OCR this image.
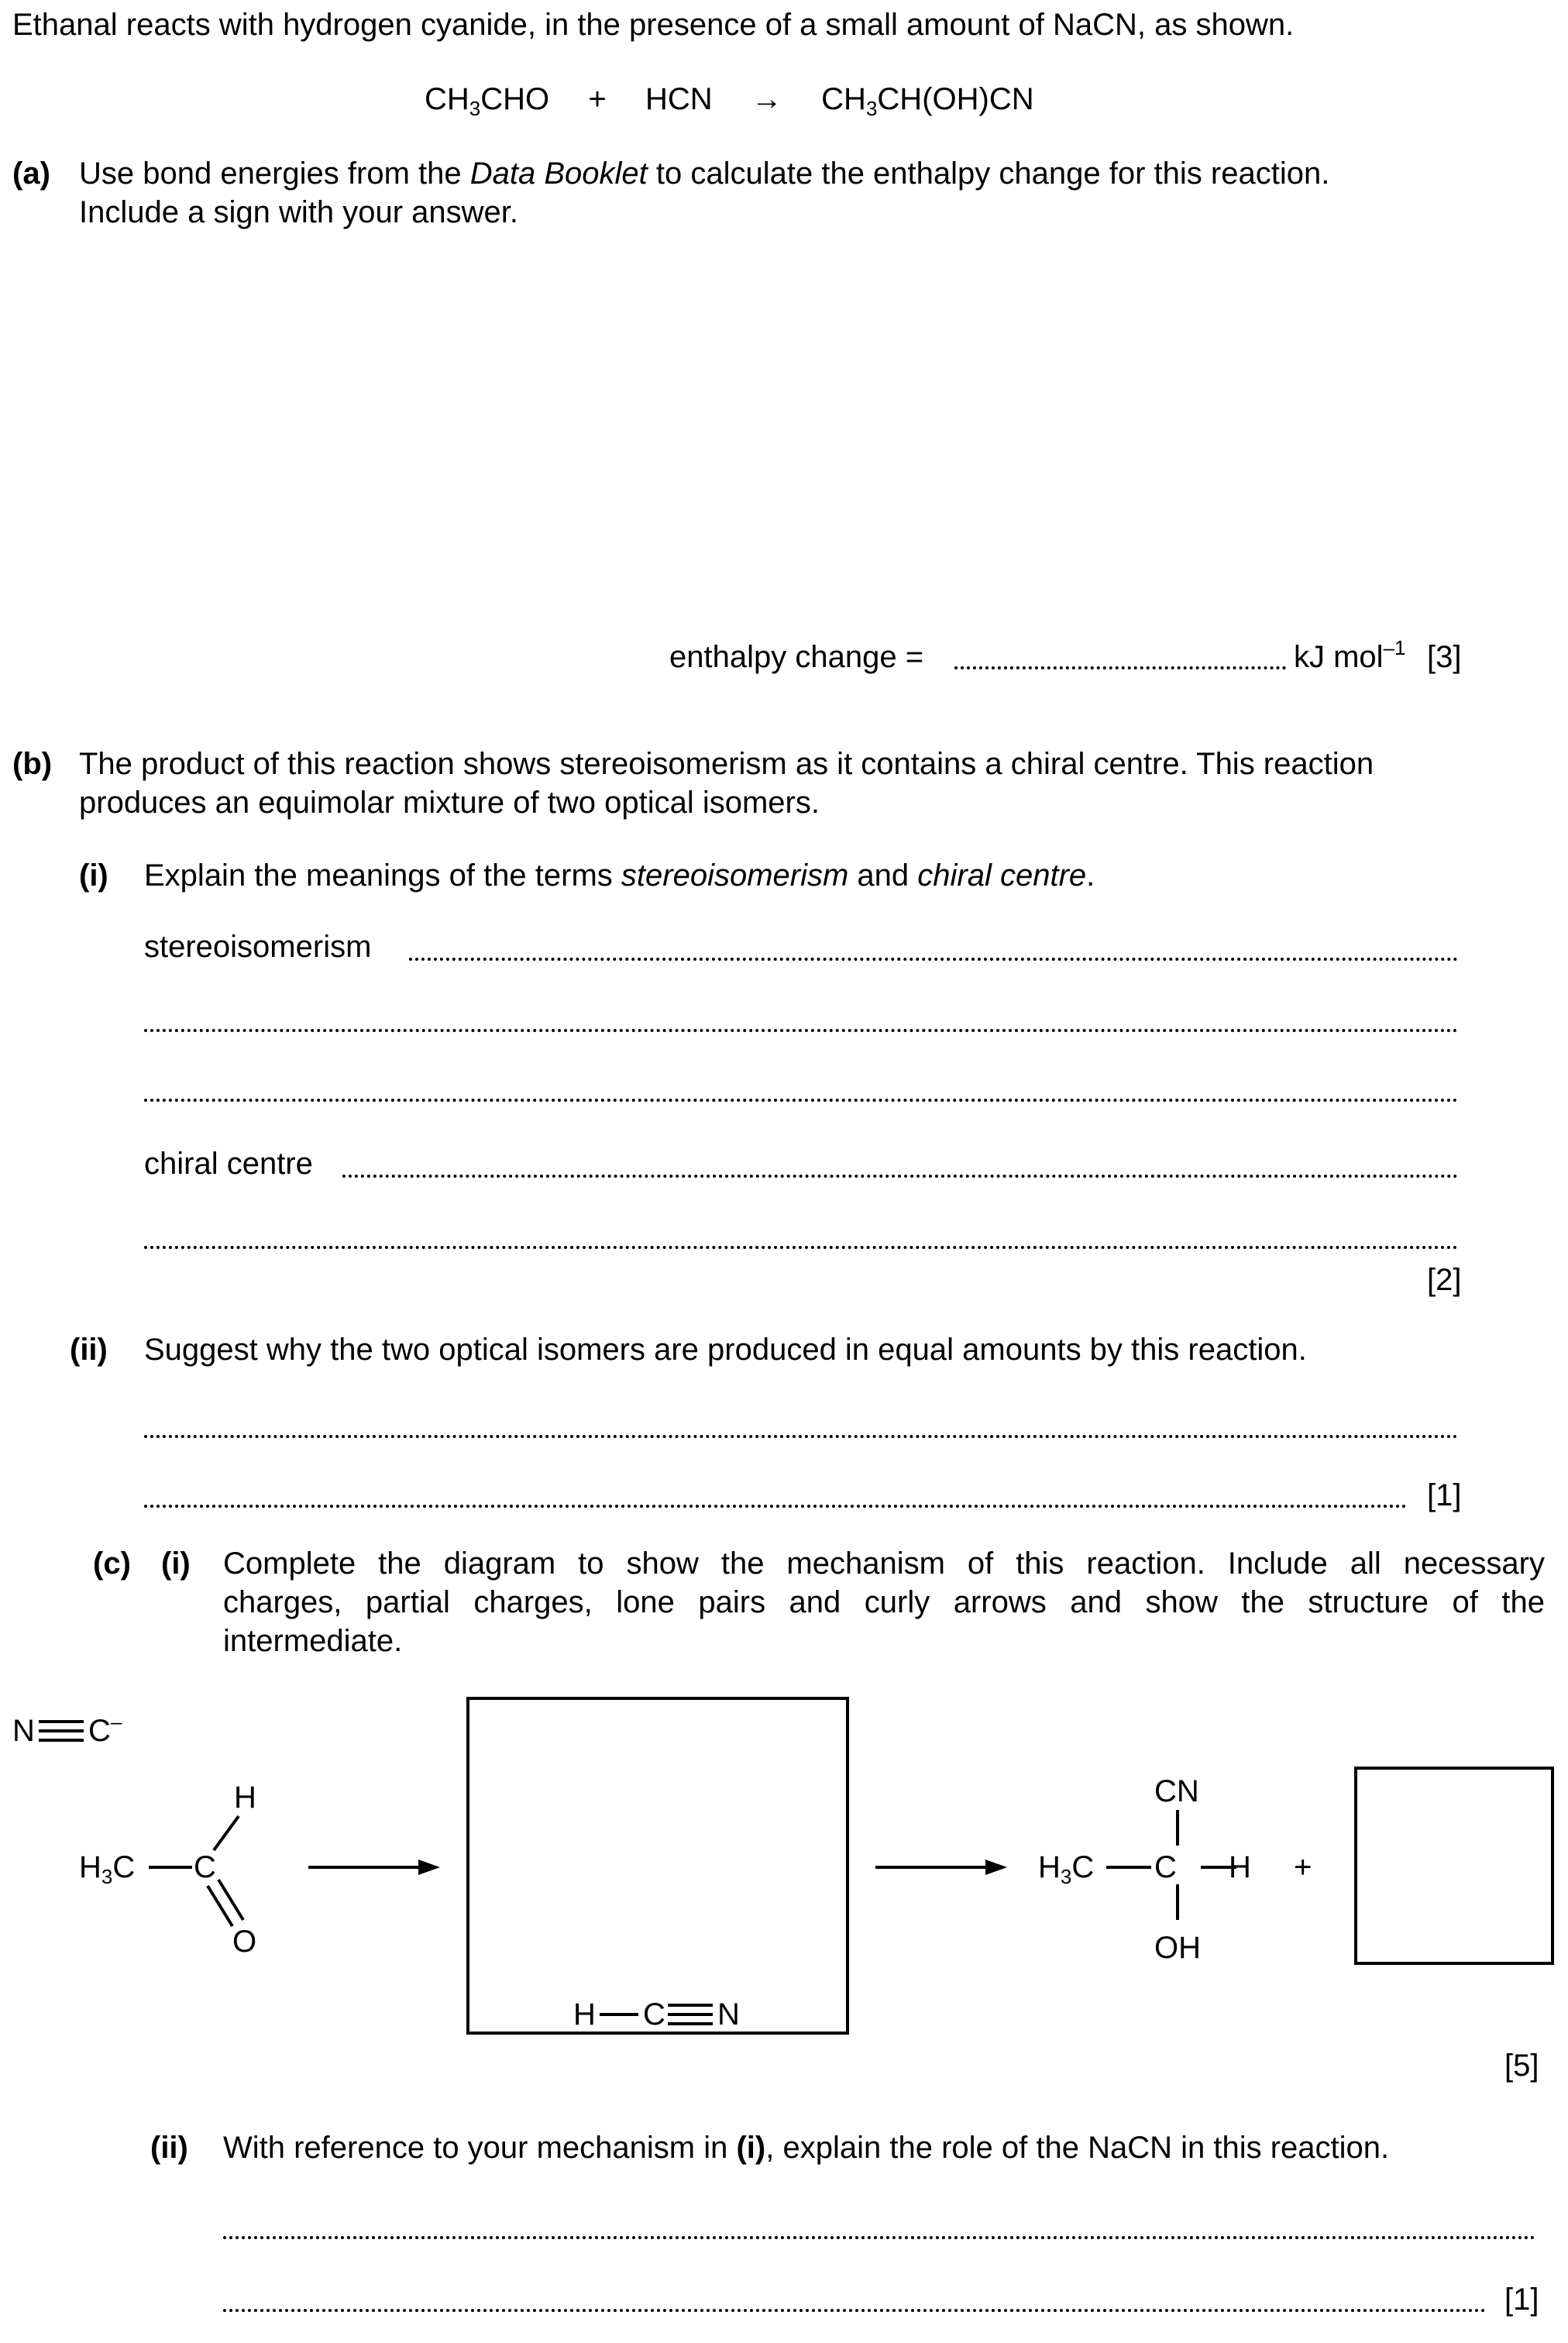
Ethanal reacts with hydrogen cyanide, in the presence of a small amount of NaCN, as shown.
$CH_3CHO$ + HCN → $CH_3CH(OH)CN$
(a) Use bond energies from the Data Booklet to calculate the enthalpy change for this reaction.
Include a sign with your answer.
enthalpy change =	kJ mol$^{-1}$ [3]
(b) The product of this reaction shows stereoisomerism as it contains a chiral centre. This reaction
produces an equimolar mixture of two optical isomers.
(i) Explain the meanings of the terms stereoisomerism and chiral centre.
stereoisomerism
chiral centre
[2]
(ii) Suggest why the two optical isomers are produced in equal amounts by this reaction.
[1]
(c) (i) Complete the diagram to show the mechanism of this reaction. Include all necessary
charges, partial charges, lone pairs and curly arrows and show the structure of the
intermediate.
N C–
H
$H_3C$ C
O
H C N
CN
$H_3C$ C H
OH
+
[5]
(ii) With reference to your mechanism in (i), explain the role of the NaCN in this reaction.
[1]
